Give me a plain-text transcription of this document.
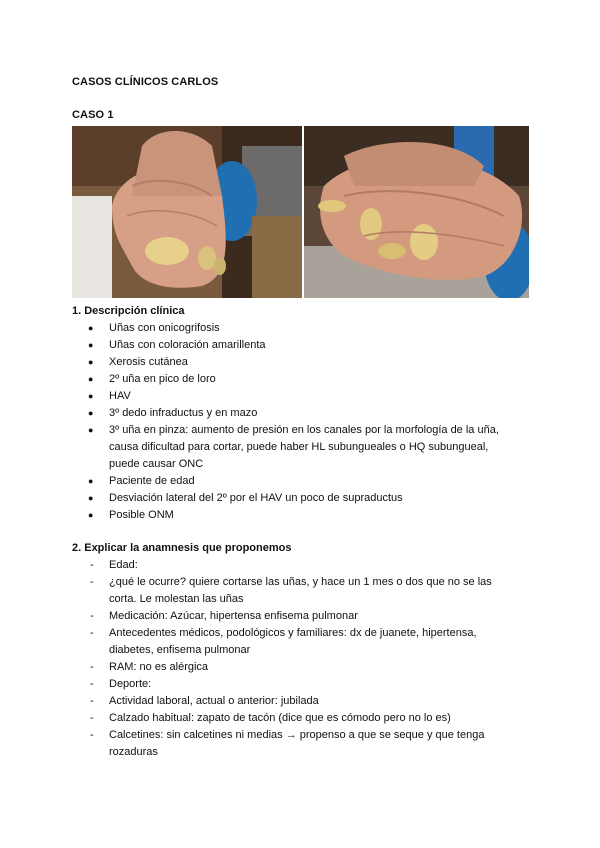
CASOS CLÍNICOS CARLOS
CASO 1
1. Descripción clínica
● Uñas con onicogrifosis
● Uñas con coloración amarillenta
● Xerosis cutánea
● 2º uña en pico de loro
● HAV
● 3º dedo infraductus y en mazo
● 3º uña en pinza: aumento de presión en los canales por la morfología de la uña, causa dificultad para cortar, puede haber HL subungueales o HQ subungueal, puede causar ONC
● Paciente de edad
● Desviación lateral del 2º por el HAV un poco de supraductus
● Posible ONM
2. Explicar la anamnesis que proponemos
- Edad:
- ¿qué le ocurre? quiere cortarse las uñas, y hace un 1 mes o dos que no se las corta. Le molestan las uñas
- Medicación: Azúcar, hipertensa enfisema pulmonar
- Antecedentes médicos, podológicos y familiares: dx de juanete, hipertensa, diabetes, enfisema pulmonar
- RAM: no es alérgica
- Deporte:
- Actividad laboral, actual o anterior: jubilada
- Calzado habitual: zapato de tacón (dice que es cómodo pero no lo es)
- Calcetines: sin calcetines ni medias → propenso a que se seque y que tenga rozaduras
